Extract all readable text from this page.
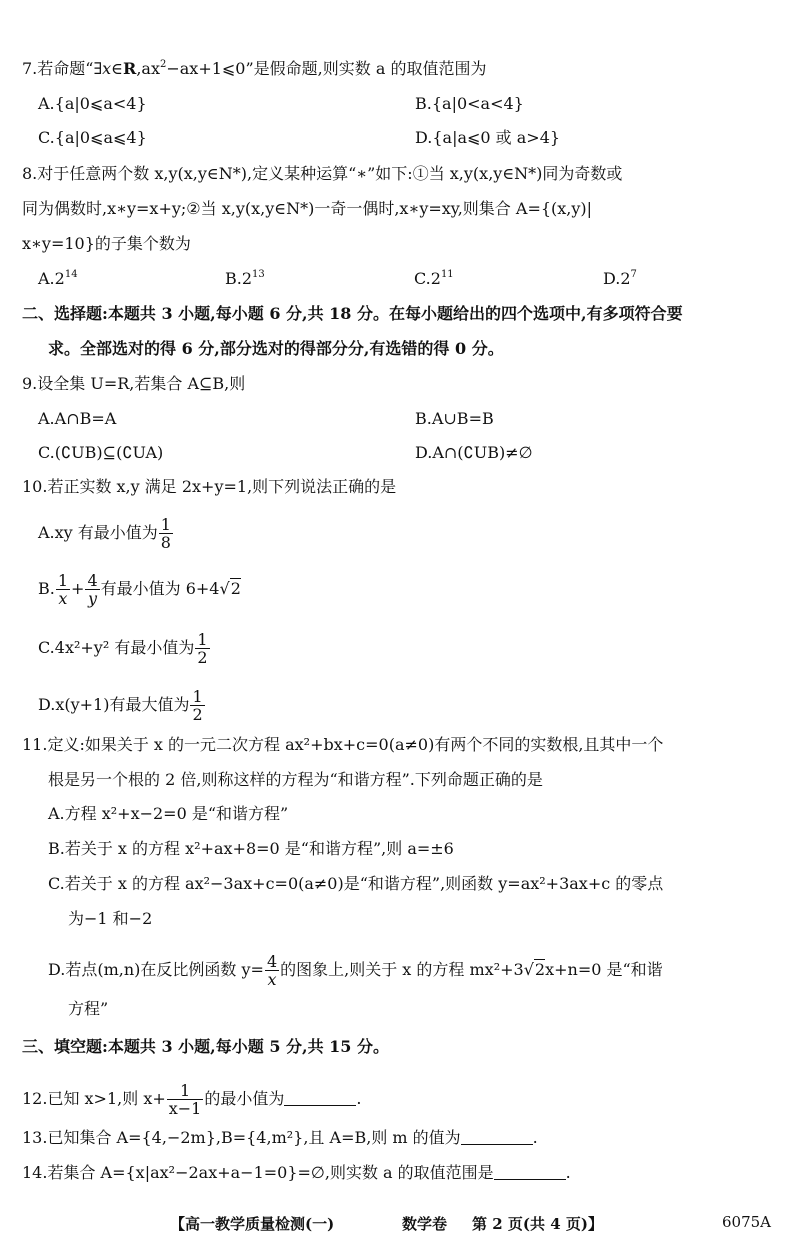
7.若命题“$\exists x\in R,ax^2-ax+1⩽0$”是假命题,则实数 a 的取值范围为
A.{a|0⩽a<4}	B.{a|0<a<4}
C.{a|0⩽a⩽4}	D.{a|a⩽0 或 a>4}
8.对于任意两个数 x,y(x,y∈N*),定义某种运算“∗”如下:①当 x,y(x,y∈N*)同为奇数或
同为偶数时,x∗y=x+y;②当 x,y(x,y∈N*)一奇一偶时,x∗y=xy,则集合 A={(x,y)|
x∗y=10}的子集个数为
$A.2^{14}$	$B.2^{13}$	$C.2^{11}$	$D.2^7$
二、选择题:本题共 3 小题,每小题 6 分,共 18 分。在每小题给出的四个选项中,有多项符合要
求。全部选对的得 6 分,部分选对的得部分分,有选错的得 0 分。
9.设全集 U=R,若集合 A⊆B,则
A.A∩B=A	B.A∪B=B
C.(∁UB)⊆(∁UA)	D.A∩(∁UB)≠∅
10.若正实数 x,y 满足 2x+y=1,则下列说法正确的是
A.xy 有最小值为 $\frac{1}{8}$
B. $\frac{1}{x} + \frac{4}{y}$ 有最小值为 6+4√2
C.4x²+y² 有最小值为 $\frac{1}{2}$
D.x(y+1)有最大值为 $\frac{1}{2}$
11.定义:如果关于 x 的一元二次方程 ax²+bx+c=0(a≠0)有两个不同的实数根,且其中一个
根是另一个根的 2 倍,则称这样的方程为“和谐方程”.下列命题正确的是
A.方程 x²+x−2=0 是“和谐方程”
B.若关于 x 的方程 x²+ax+8=0 是“和谐方程”,则 a=±6
C.若关于 x 的方程 ax²−3ax+c=0(a≠0)是“和谐方程”,则函数 y=ax²+3ax+c 的零点
为−1 和−2
D.若点(m,n)在反比例函数 $y= \frac{4}{x}$ 的图象上,则关于 x 的方程 mx²+3√2x+n=0 是“和谐
方程”
三、填空题:本题共 3 小题,每小题 5 分,共 15 分。
12.已知 x>1,则 $x+ \frac{1}{x-1}$ 的最小值为	.
13.已知集合 A={4,−2m},B={4,m²},且 A=B,则 m 的值为	.
14.若集合 A={x|ax²−2ax+a−1=0}=∅,则实数 a 的取值范围是	.
【高一教学质量检测(一)	数学卷 第 2 页(共 4 页)】	6075A
